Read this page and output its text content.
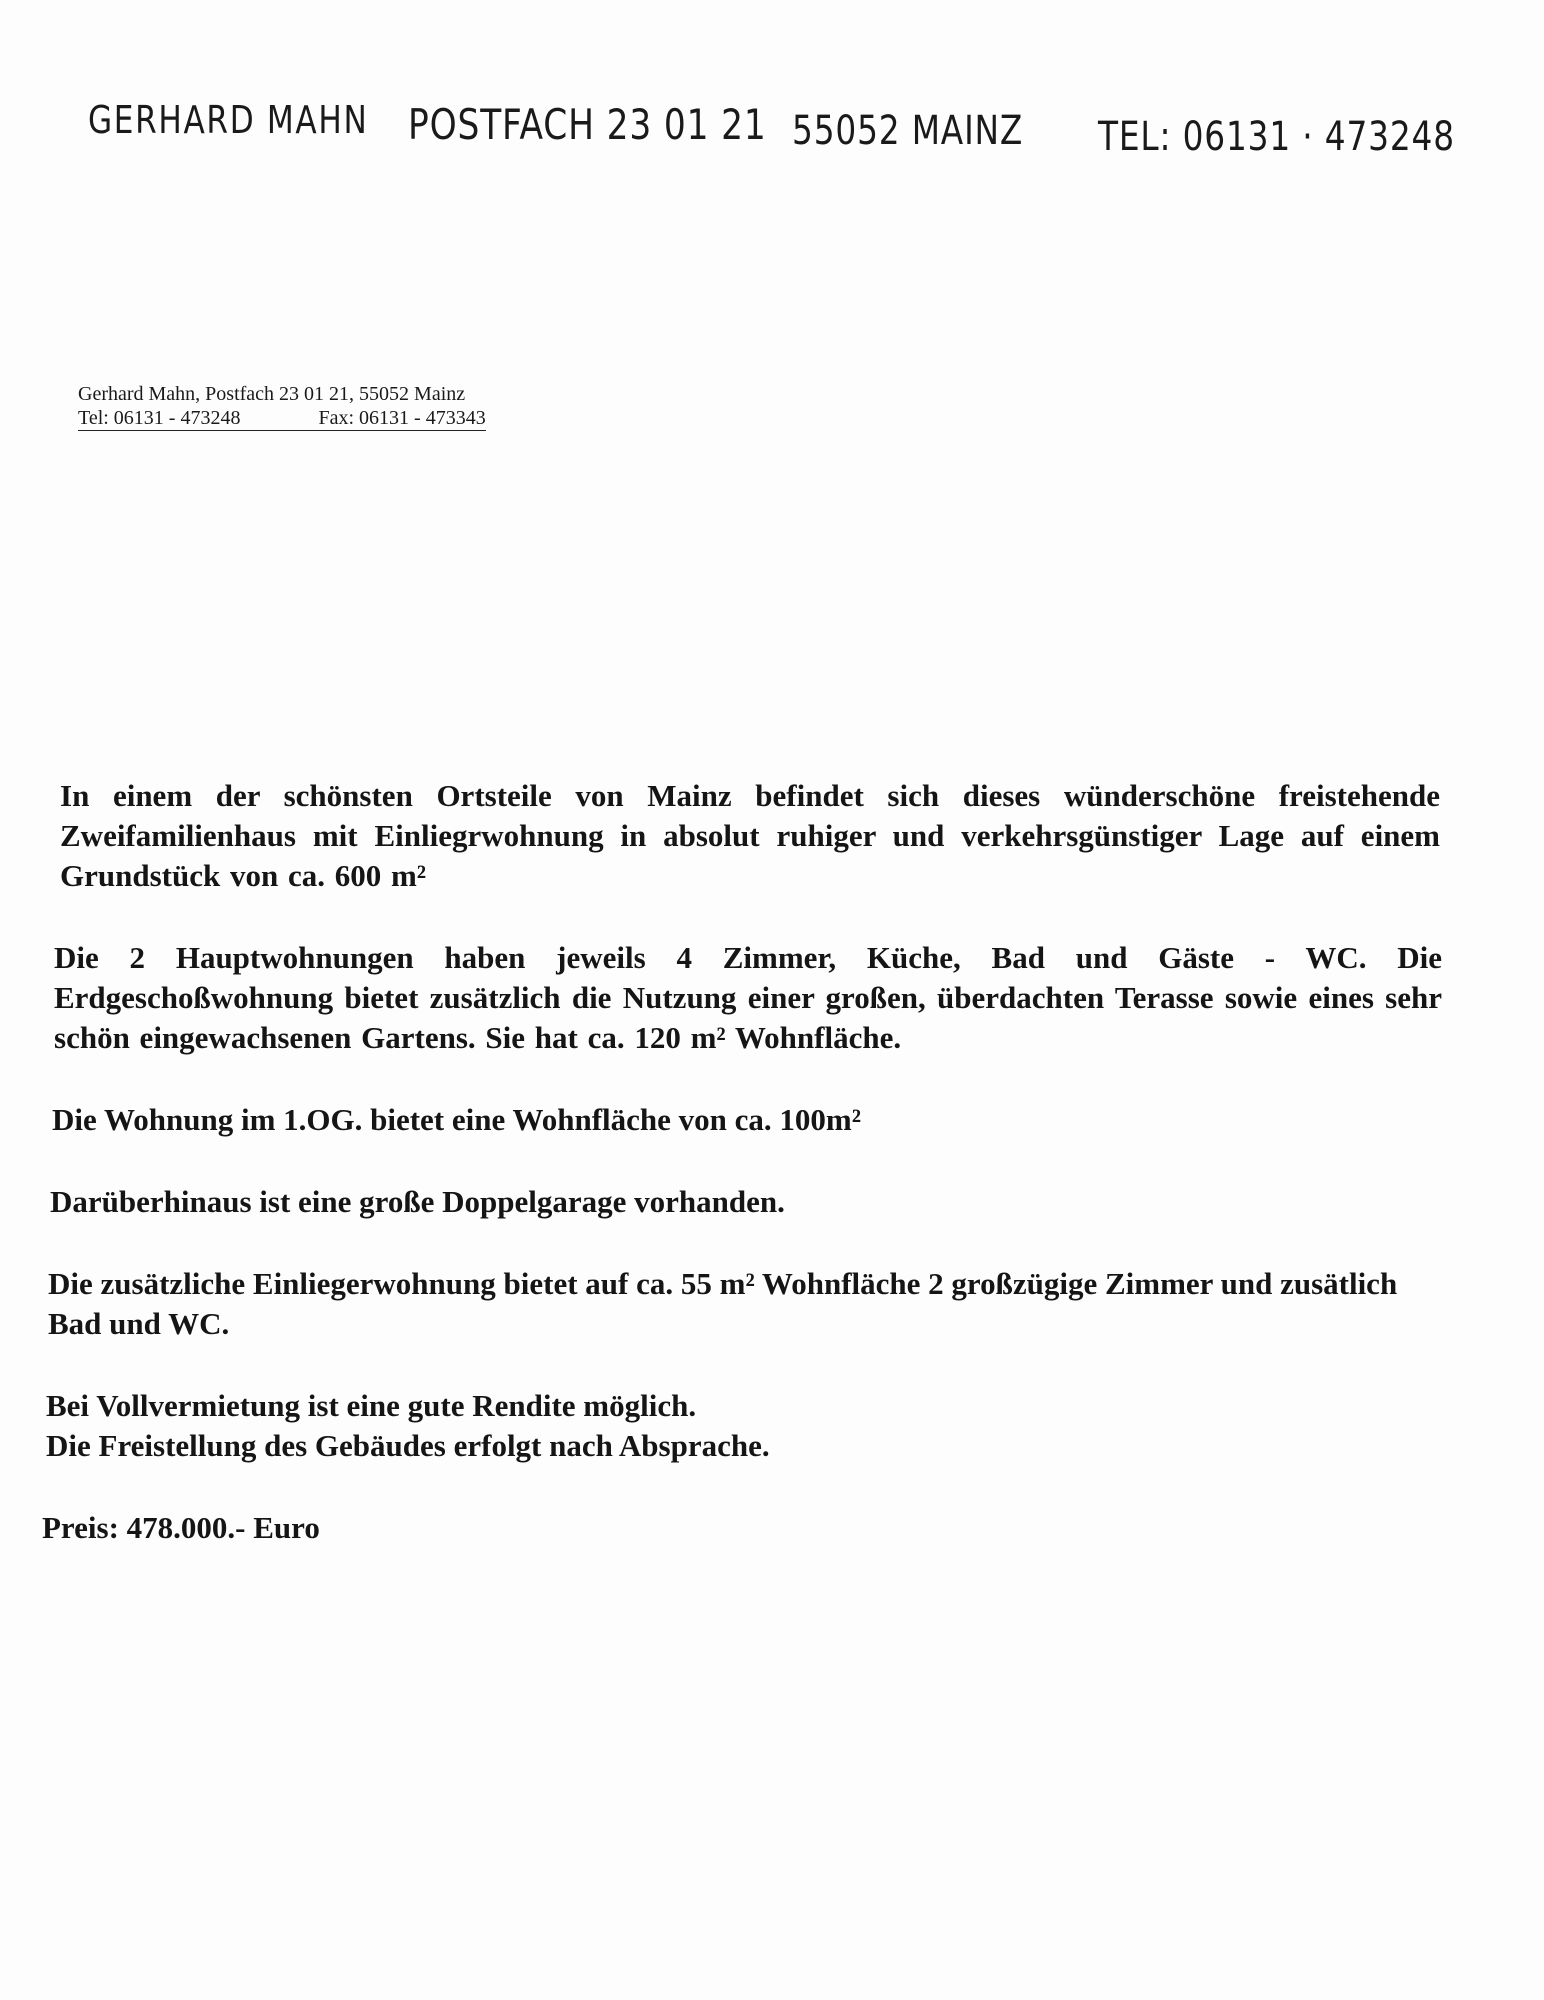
GERHARD MAHN POSTFACH 23 01 21 55052 MAINZ TEL: 06131 · 473248
Gerhard Mahn, Postfach 23 01 21, 55052 Mainz
Tel: 06131 - 473248	Fax: 06131 - 473343

In einem der schönsten Ortsteile von Mainz befindet sich dieses wünderschöne freistehende Zweifamilienhaus mit Einliegrwohnung in absolut ruhiger und verkehrsgünstiger Lage auf einem Grundstück von ca. 600 m²

Die 2 Hauptwohnungen haben jeweils 4 Zimmer, Küche, Bad und Gäste - WC. Die Erdgeschoßwohnung bietet zusätzlich die Nutzung einer großen, überdachten Terasse sowie eines sehr schön eingewachsenen Gartens. Sie hat ca. 120 m² Wohnfläche.

Die Wohnung im 1.OG. bietet eine Wohnfläche von ca. 100m²

Darüberhinaus ist eine große Doppelgarage vorhanden.

Die zusätzliche Einliegerwohnung bietet auf ca. 55 m² Wohnfläche 2 großzügige Zimmer und zusätlich Bad und WC.

Bei Vollvermietung ist eine gute Rendite möglich.
Die Freistellung des Gebäudes erfolgt nach Absprache.

Preis: 478.000.- Euro
